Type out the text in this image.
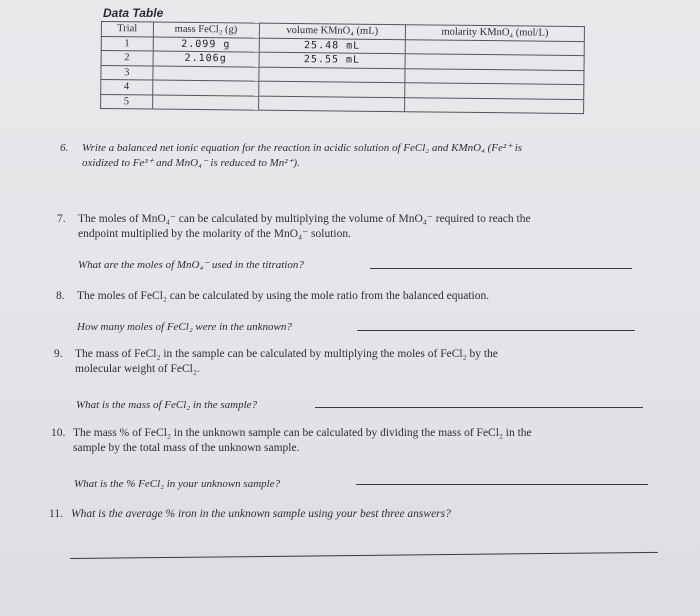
Data Table
Trial	mass FeCl₂ (g)	volume KMnO₄ (mL)	molarity KMnO₄ (mol/L)
1	2.099 g	25.48 mL	
2	2.106g	25.55 mL	
3			
4			
5			
6. Write a balanced net ionic equation for the reaction in acidic solution of FeCl₂ and KMnO₄ (Fe²⁺ is
oxidized to Fe³⁺ and MnO₄⁻ is reduced to Mn²⁺).
7. The moles of MnO₄⁻ can be calculated by multiplying the volume of MnO₄⁻ required to reach the
endpoint multiplied by the molarity of the MnO₄⁻ solution.
What are the moles of MnO₄⁻ used in the titration?
8. The moles of FeCl₂ can be calculated by using the mole ratio from the balanced equation.
How many moles of FeCl₂ were in the unknown?
9. The mass of FeCl₂ in the sample can be calculated by multiplying the moles of FeCl₂ by the
molecular weight of FeCl₂.
What is the mass of FeCl₂ in the sample?
10. The mass % of FeCl₂ in the unknown sample can be calculated by dividing the mass of FeCl₂ in the
sample by the total mass of the unknown sample.
What is the % FeCl₂ in your unknown sample?
11. What is the average % iron in the unknown sample using your best three answers?
